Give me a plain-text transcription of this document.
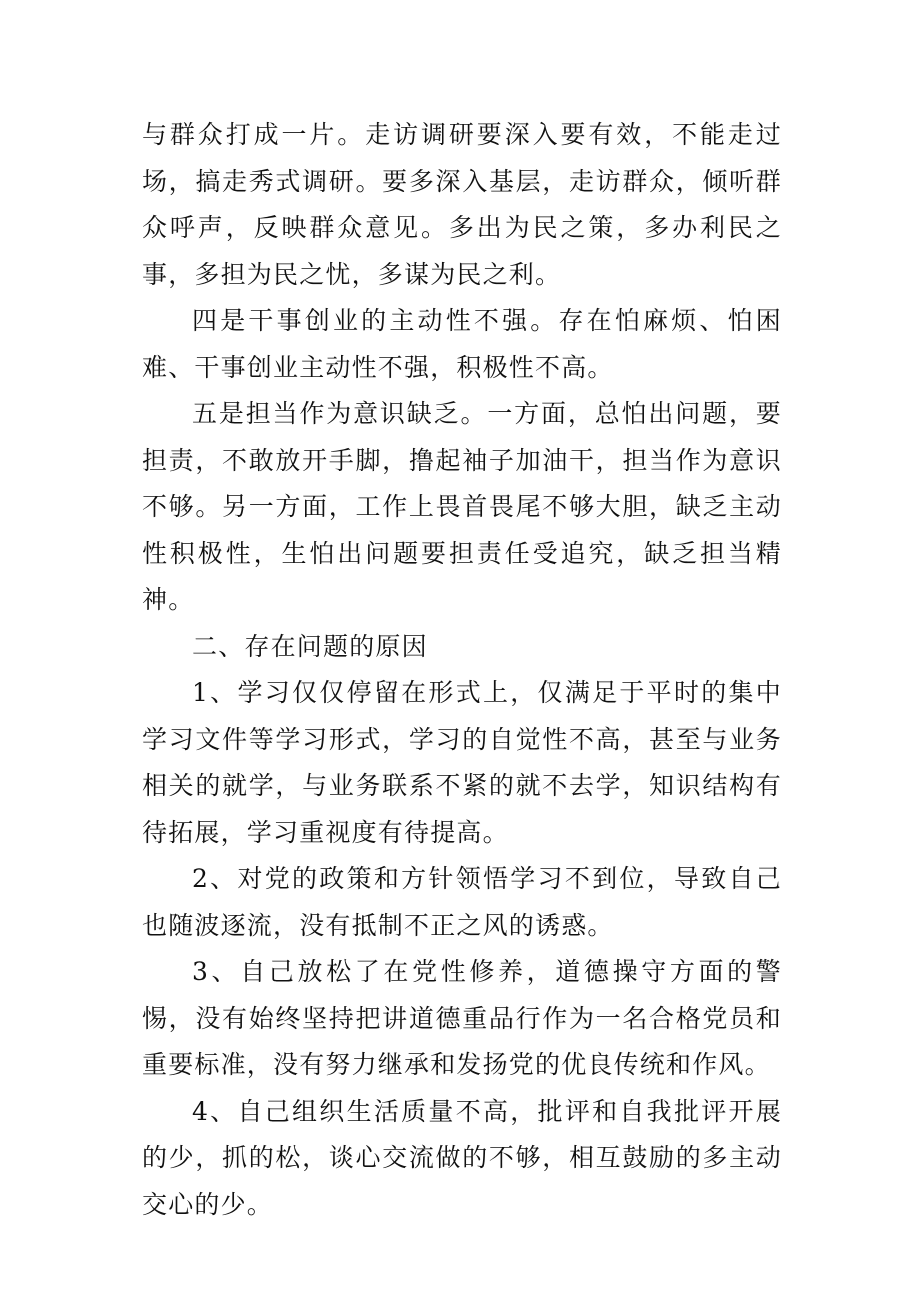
与群众打成一片。走访调研要深入要有效，不能走过场，搞走秀式调研。要多深入基层，走访群众，倾听群众呼声，反映群众意见。多出为民之策，多办利民之事，多担为民之忧，多谋为民之利。

四是干事创业的主动性不强。存在怕麻烦、怕困难、干事创业主动性不强，积极性不高。

五是担当作为意识缺乏。一方面，总怕出问题，要担责，不敢放开手脚，撸起袖子加油干，担当作为意识不够。另一方面，工作上畏首畏尾不够大胆，缺乏主动性积极性，生怕出问题要担责任受追究，缺乏担当精神。

二、存在问题的原因

1、学习仅仅停留在形式上，仅满足于平时的集中学习文件等学习形式，学习的自觉性不高，甚至与业务相关的就学，与业务联系不紧的就不去学，知识结构有待拓展，学习重视度有待提高。

2、对党的政策和方针领悟学习不到位，导致自己也随波逐流，没有抵制不正之风的诱惑。

3、自己放松了在党性修养，道德操守方面的警惕，没有始终坚持把讲道德重品行作为一名合格党员和重要标准，没有努力继承和发扬党的优良传统和作风。

4、自己组织生活质量不高，批评和自我批评开展的少，抓的松，谈心交流做的不够，相互鼓励的多主动交心的少。
